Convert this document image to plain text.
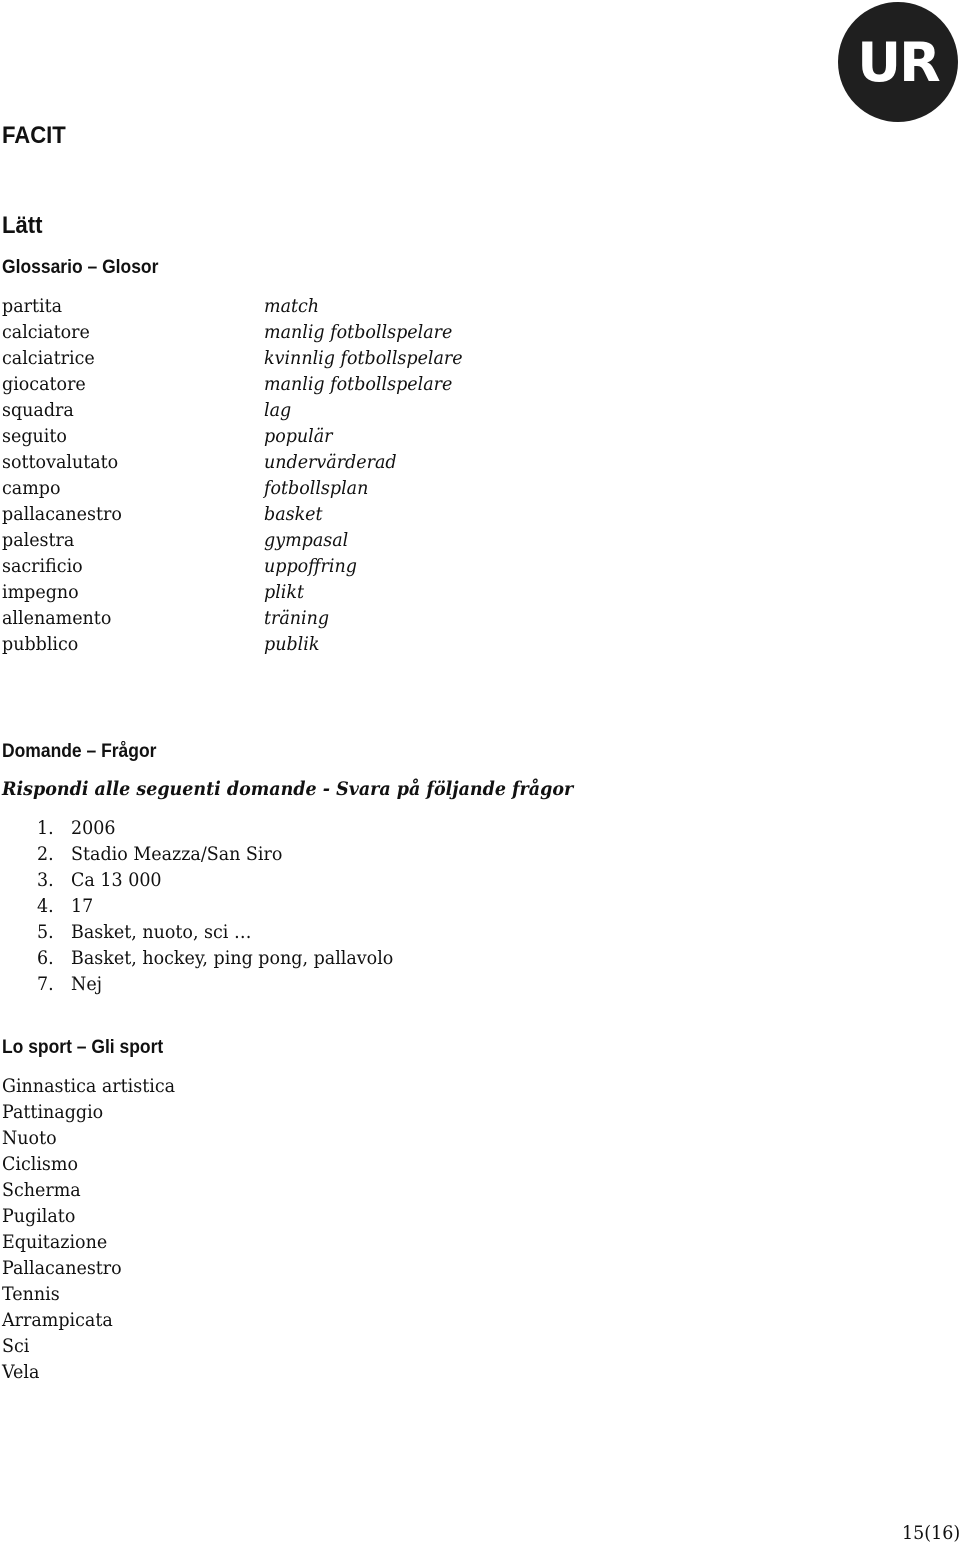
UR
FACIT
Lätt
Glossario – Glosor
partita
calciatore
calciatrice
giocatore
squadra
seguito
sottovalutato
campo
pallacanestro
palestra
sacrificio
impegno
allenamento
pubblico
match
manlig fotbollspelare
kvinnlig fotbollspelare
manlig fotbollspelare
lag
populär
undervärderad
fotbollsplan
basket
gympasal
uppoffring
plikt
träning
publik
Domande – Frågor
Rispondi alle seguenti domande - Svara på följande frågor
1. 2006
2. Stadio Meazza/San Siro
3. Ca 13 000
4. 17
5. Basket, nuoto, sci …
6. Basket, hockey, ping pong, pallavolo
7. Nej
Lo sport – Gli sport
Ginnastica artistica
Pattinaggio
Nuoto
Ciclismo
Scherma
Pugilato
Equitazione
Pallacanestro
Tennis
Arrampicata
Sci
Vela
15(16)
